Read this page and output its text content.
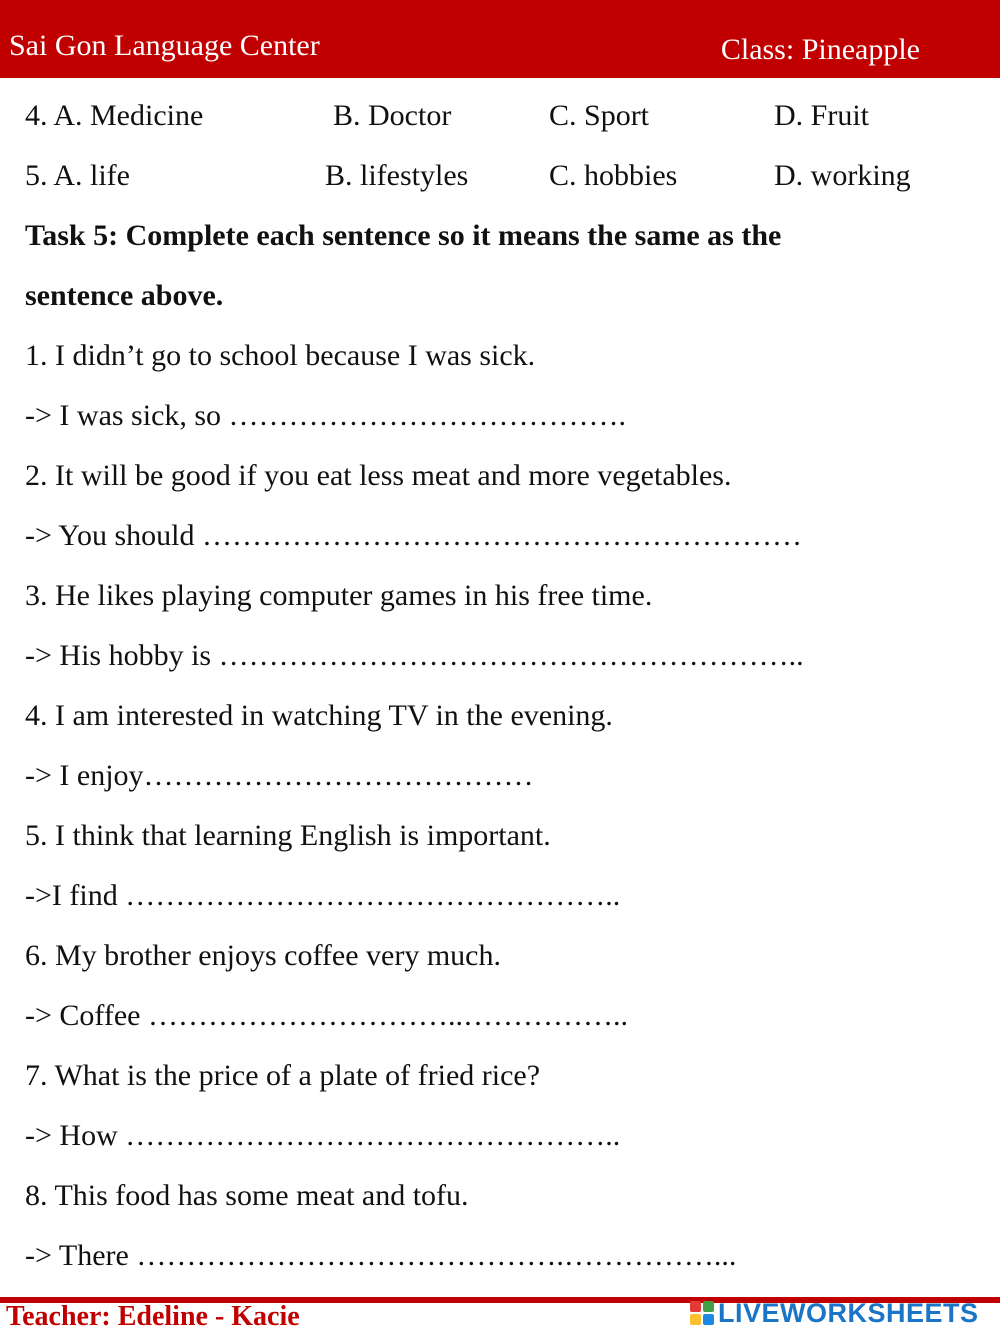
Sai Gon Language Center	Class: Pineapple
4. A. Medicine	B. Doctor	C. Sport	D. Fruit
5. A. life	B. lifestyles	C. hobbies	D. working
Task 5: Complete each sentence so it means the same as the
sentence above.
1. I didn’t go to school because I was sick.
-> I was sick, so ………………………………….
2. It will be good if you eat less meat and more vegetables.
-> You should ……………………………………………………
3. He likes playing computer games in his free time.
-> His hobby is …………………………………………………..
4. I am interested in watching TV in the evening.
-> I enjoy…………………………………
5. I think that learning English is important.
->I find …………………………………………..
6. My brother enjoys coffee very much.
-> Coffee …………………………..……………..
7. What is the price of a plate of fried rice?
-> How …………………………………………..
8. This food has some meat and tofu.
-> There …………………………………….……………...
Teacher: Edeline - Kacie	LIVEWORKSHEETS
